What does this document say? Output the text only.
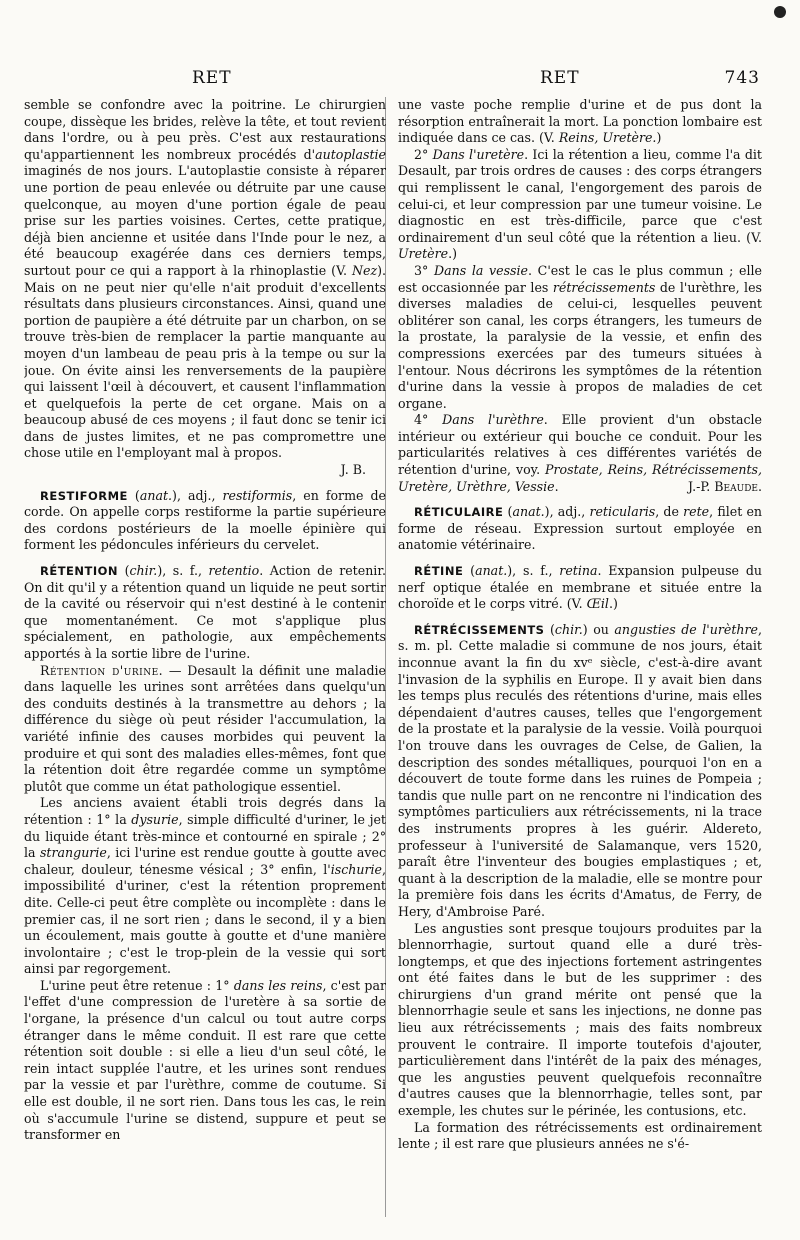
RET	RET	743

semble se confondre avec la poitrine. Le chirurgien coupe, dissèque les brides, relève la tête, et tout revient dans l'ordre, ou à peu près. C'est aux restaurations qu'appartiennent les nombreux procédés d'autoplastie imaginés de nos jours. L'autoplastie consiste à réparer une portion de peau enlevée ou détruite par une cause quelconque, au moyen d'une portion égale de peau prise sur les parties voisines. Certes, cette pratique, déjà bien ancienne et usitée dans l'Inde pour le nez, a été beaucoup exagérée dans ces derniers temps, surtout pour ce qui a rapport à la rhinoplastie (V. Nez). Mais on ne peut nier qu'elle n'ait produit d'excellents résultats dans plusieurs circonstances. Ainsi, quand une portion de paupière a été détruite par un charbon, on se trouve très-bien de remplacer la partie manquante au moyen d'un lambeau de peau pris à la tempe ou sur la joue. On évite ainsi les renversements de la paupière qui laissent l'œil à découvert, et causent l'inflammation et quelquefois la perte de cet organe. Mais on a beaucoup abusé de ces moyens ; il faut donc se tenir ici dans de justes limites, et ne pas compromettre une chose utile en l'employant mal à propos.
J. B.

RESTIFORME (anat.), adj., restiformis, en forme de corde. On appelle corps restiforme la partie supérieure des cordons postérieurs de la moelle épinière qui forment les pédoncules inférieurs du cervelet.

RÉTENTION (chir.), s. f., retentio. Action de retenir. On dit qu'il y a rétention quand un liquide ne peut sortir de la cavité ou réservoir qui n'est destiné à le contenir que momentanément. Ce mot s'applique plus spécialement, en pathologie, aux empêchements apportés à la sortie libre de l'urine.

Rétention d'urine. — Desault la définit une maladie dans laquelle les urines sont arrêtées dans quelqu'un des conduits destinés à la transmettre au dehors ; la différence du siège où peut résider l'accumulation, la variété infinie des causes morbides qui peuvent la produire et qui sont des maladies elles-mêmes, font que la rétention doit être regardée comme un symptôme plutôt que comme un état pathologique essentiel.

Les anciens avaient établi trois degrés dans la rétention : 1° la dysurie, simple difficulté d'uriner, le jet du liquide étant très-mince et contourné en spirale ; 2° la strangurie, ici l'urine est rendue goutte à goutte avec chaleur, douleur, ténesme vésical ; 3° enfin, l'ischurie, impossibilité d'uriner, c'est la rétention proprement dite. Celle-ci peut être complète ou incomplète : dans le premier cas, il ne sort rien ; dans le second, il y a bien un écoulement, mais goutte à goutte et d'une manière involontaire ; c'est le trop-plein de la vessie qui sort ainsi par regorgement.

L'urine peut être retenue : 1° dans les reins, c'est par l'effet d'une compression de l'uretère à sa sortie de l'organe, la présence d'un calcul ou tout autre corps étranger dans le même conduit. Il est rare que cette rétention soit double : si elle a lieu d'un seul côté, le rein intact supplée l'autre, et les urines sont rendues par la vessie et par l'urèthre, comme de coutume. Si elle est double, il ne sort rien. Dans tous les cas, le rein où s'accumule l'urine se distend, suppure et peut se transformer en

une vaste poche remplie d'urine et de pus dont la résorption entraînerait la mort. La ponction lombaire est indiquée dans ce cas. (V. Reins, Uretère.)

2° Dans l'uretère. Ici la rétention a lieu, comme l'a dit Desault, par trois ordres de causes : des corps étrangers qui remplissent le canal, l'engorgement des parois de celui-ci, et leur compression par une tumeur voisine. Le diagnostic en est très-difficile, parce que c'est ordinairement d'un seul côté que la rétention a lieu. (V. Uretère.)

3° Dans la vessie. C'est le cas le plus commun ; elle est occasionnée par les rétrécissements de l'urèthre, les diverses maladies de celui-ci, lesquelles peuvent oblitérer son canal, les corps étrangers, les tumeurs de la prostate, la paralysie de la vessie, et enfin des compressions exercées par des tumeurs situées à l'entour. Nous décrirons les symptômes de la rétention d'urine dans la vessie à propos de maladies de cet organe.

4° Dans l'urèthre. Elle provient d'un obstacle intérieur ou extérieur qui bouche ce conduit. Pour les particularités relatives à ces différentes variétés de rétention d'urine, voy. Prostate, Reins, Rétrécissements, Uretère, Urèthre, Vessie.	J.-P. Beaude.

RÉTICULAIRE (anat.), adj., reticularis, de rete, filet en forme de réseau. Expression surtout employée en anatomie vétérinaire.

RÉTINE (anat.), s. f., retina. Expansion pulpeuse du nerf optique étalée en membrane et située entre la choroïde et le corps vitré. (V. Œil.)

RÉTRÉCISSEMENTS (chir.) ou angusties de l'urèthre, s. m. pl. Cette maladie si commune de nos jours, était inconnue avant la fin du xvᵉ siècle, c'est-à-dire avant l'invasion de la syphilis en Europe. Il y avait bien dans les temps plus reculés des rétentions d'urine, mais elles dépendaient d'autres causes, telles que l'engorgement de la prostate et la paralysie de la vessie. Voilà pourquoi l'on trouve dans les ouvrages de Celse, de Galien, la description des sondes métalliques, pourquoi l'on en a découvert de toute forme dans les ruines de Pompeia ; tandis que nulle part on ne rencontre ni l'indication des symptômes particuliers aux rétrécissements, ni la trace des instruments propres à les guérir. Aldereto, professeur à l'université de Salamanque, vers 1520, paraît être l'inventeur des bougies emplastiques ; et, quant à la description de la maladie, elle se montre pour la première fois dans les écrits d'Amatus, de Ferry, de Hery, d'Ambroise Paré.

Les angusties sont presque toujours produites par la blennorrhagie, surtout quand elle a duré très-longtemps, et que des injections fortement astringentes ont été faites dans le but de les supprimer : des chirurgiens d'un grand mérite ont pensé que la blennorrhagie seule et sans les injections, ne donne pas lieu aux rétrécissements ; mais des faits nombreux prouvent le contraire. Il importe toutefois d'ajouter, particulièrement dans l'intérêt de la paix des ménages, que les angusties peuvent quelquefois reconnaître d'autres causes que la blennorrhagie, telles sont, par exemple, les chutes sur le périnée, les contusions, etc.

La formation des rétrécissements est ordinairement lente ; il est rare que plusieurs années ne s'é-
